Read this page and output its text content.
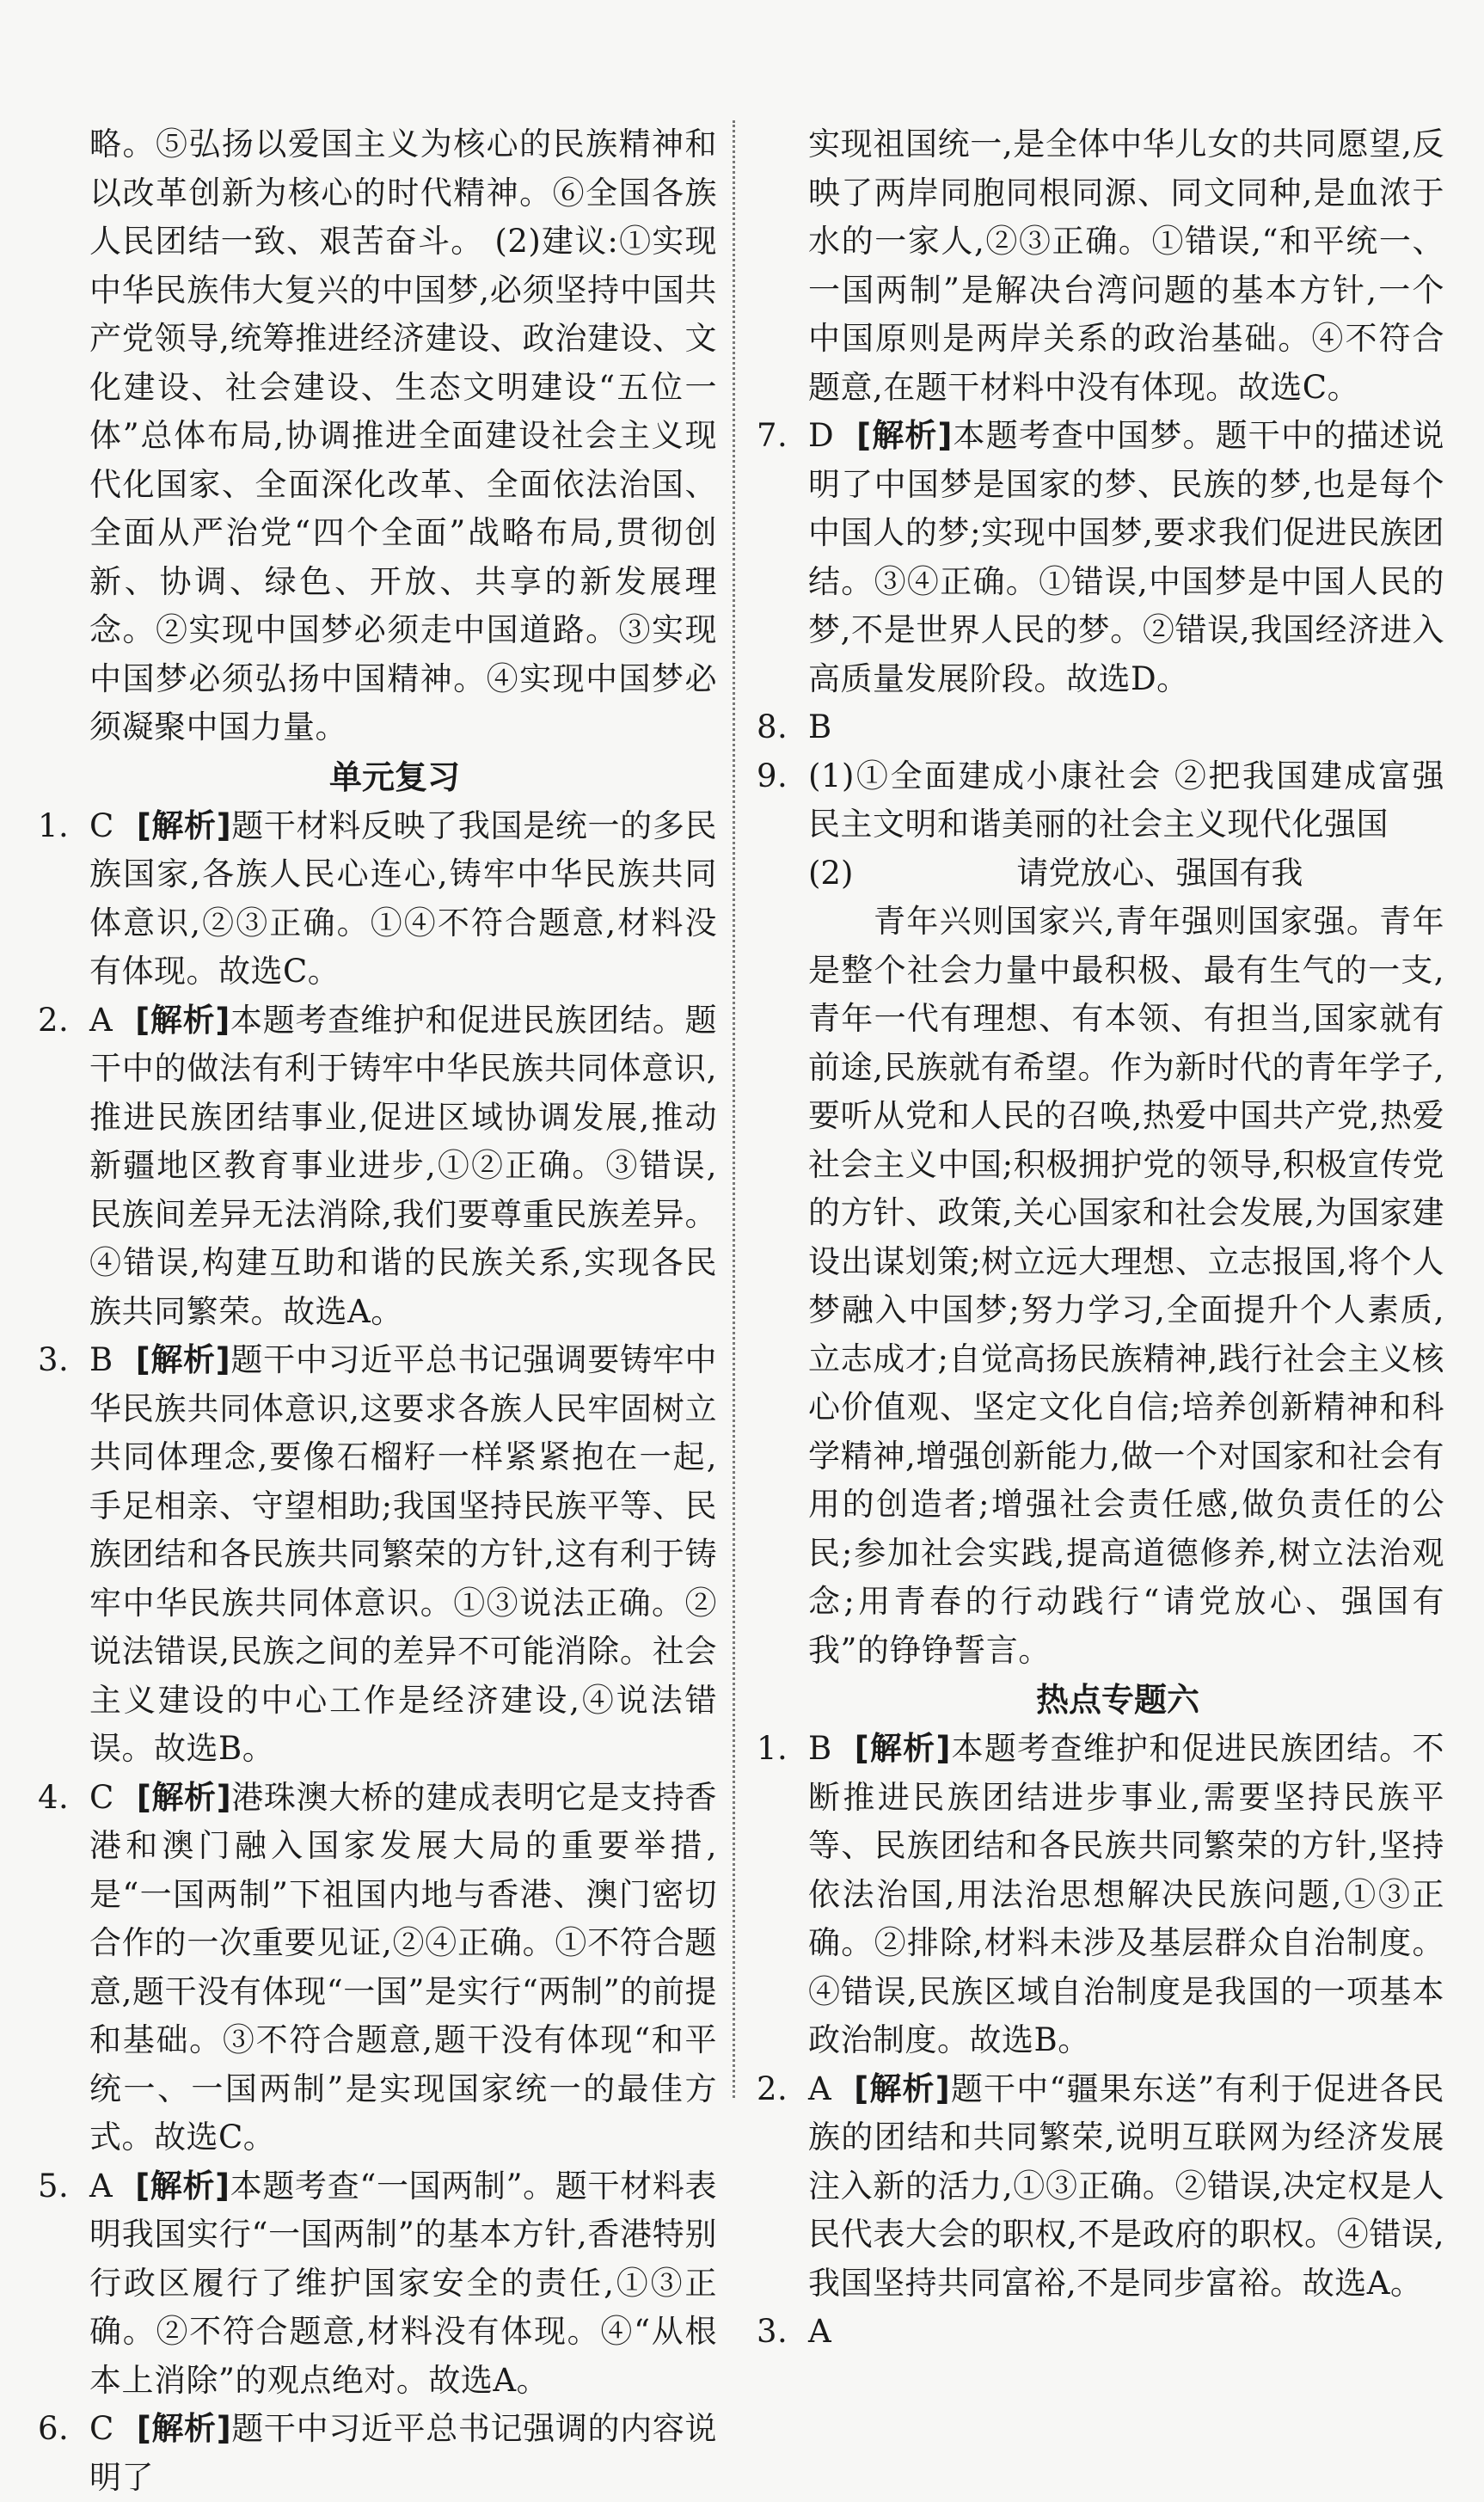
略。⑤弘扬以爱国主义为核心的民族精神和以改革创新为核心的时代精神。⑥全国各族人民团结一致、艰苦奋斗。 (2)建议:①实现中华民族伟大复兴的中国梦,必须坚持中国共产党领导,统筹推进经济建设、政治建设、文化建设、社会建设、生态文明建设“五位一体”总体布局,协调推进全面建设社会主义现代化国家、全面深化改革、全面依法治国、全面从严治党“四个全面”战略布局,贯彻创新、协调、绿色、开放、共享的新发展理念。②实现中国梦必须走中国道路。③实现中国梦必须弘扬中国精神。④实现中国梦必须凝聚中国力量。

单元复习

1. C [解析]题干材料反映了我国是统一的多民族国家,各族人民心连心,铸牢中华民族共同体意识,②③正确。①④不符合题意,材料没有体现。故选C。

2. A [解析]本题考查维护和促进民族团结。题干中的做法有利于铸牢中华民族共同体意识,推进民族团结事业,促进区域协调发展,推动新疆地区教育事业进步,①②正确。③错误,民族间差异无法消除,我们要尊重民族差异。④错误,构建互助和谐的民族关系,实现各民族共同繁荣。故选A。

3. B [解析]题干中习近平总书记强调要铸牢中华民族共同体意识,这要求各族人民牢固树立共同体理念,要像石榴籽一样紧紧抱在一起,手足相亲、守望相助;我国坚持民族平等、民族团结和各民族共同繁荣的方针,这有利于铸牢中华民族共同体意识。①③说法正确。②说法错误,民族之间的差异不可能消除。社会主义建设的中心工作是经济建设,④说法错误。故选B。

4. C [解析]港珠澳大桥的建成表明它是支持香港和澳门融入国家发展大局的重要举措,是“一国两制”下祖国内地与香港、澳门密切合作的一次重要见证,②④正确。①不符合题意,题干没有体现“一国”是实行“两制”的前提和基础。③不符合题意,题干没有体现“和平统一、一国两制”是实现国家统一的最佳方式。故选C。

5. A [解析]本题考查“一国两制”。题干材料表明我国实行“一国两制”的基本方针,香港特别行政区履行了维护国家安全的责任,①③正确。②不符合题意,材料没有体现。④“从根本上消除”的观点绝对。故选A。

6. C [解析]题干中习近平总书记强调的内容说明了

实现祖国统一,是全体中华儿女的共同愿望,反映了两岸同胞同根同源、同文同种,是血浓于水的一家人,②③正确。①错误,“和平统一、一国两制”是解决台湾问题的基本方针,一个中国原则是两岸关系的政治基础。④不符合题意,在题干材料中没有体现。故选C。

7. D [解析]本题考查中国梦。题干中的描述说明了中国梦是国家的梦、民族的梦,也是每个中国人的梦;实现中国梦,要求我们促进民族团结。③④正确。①错误,中国梦是中国人民的梦,不是世界人民的梦。②错误,我国经济进入高质量发展阶段。故选D。

8. B

9. (1)①全面建成小康社会 ②把我国建成富强民主文明和谐美丽的社会主义现代化强国

(2)	请党放心、强国有我

青年兴则国家兴,青年强则国家强。青年是整个社会力量中最积极、最有生气的一支,青年一代有理想、有本领、有担当,国家就有前途,民族就有希望。作为新时代的青年学子,要听从党和人民的召唤,热爱中国共产党,热爱社会主义中国;积极拥护党的领导,积极宣传党的方针、政策,关心国家和社会发展,为国家建设出谋划策;树立远大理想、立志报国,将个人梦融入中国梦;努力学习,全面提升个人素质,立志成才;自觉高扬民族精神,践行社会主义核心价值观、坚定文化自信;培养创新精神和科学精神,增强创新能力,做一个对国家和社会有用的创造者;增强社会责任感,做负责任的公民;参加社会实践,提高道德修养,树立法治观念;用青春的行动践行“请党放心、强国有我”的铮铮誓言。

热点专题六

1. B [解析]本题考查维护和促进民族团结。不断推进民族团结进步事业,需要坚持民族平等、民族团结和各民族共同繁荣的方针,坚持依法治国,用法治思想解决民族问题,①③正确。②排除,材料未涉及基层群众自治制度。④错误,民族区域自治制度是我国的一项基本政治制度。故选B。

2. A [解析]题干中“疆果东送”有利于促进各民族的团结和共同繁荣,说明互联网为经济发展注入新的活力,①③正确。②错误,决定权是人民代表大会的职权,不是政府的职权。④错误,我国坚持共同富裕,不是同步富裕。故选A。

3. A
